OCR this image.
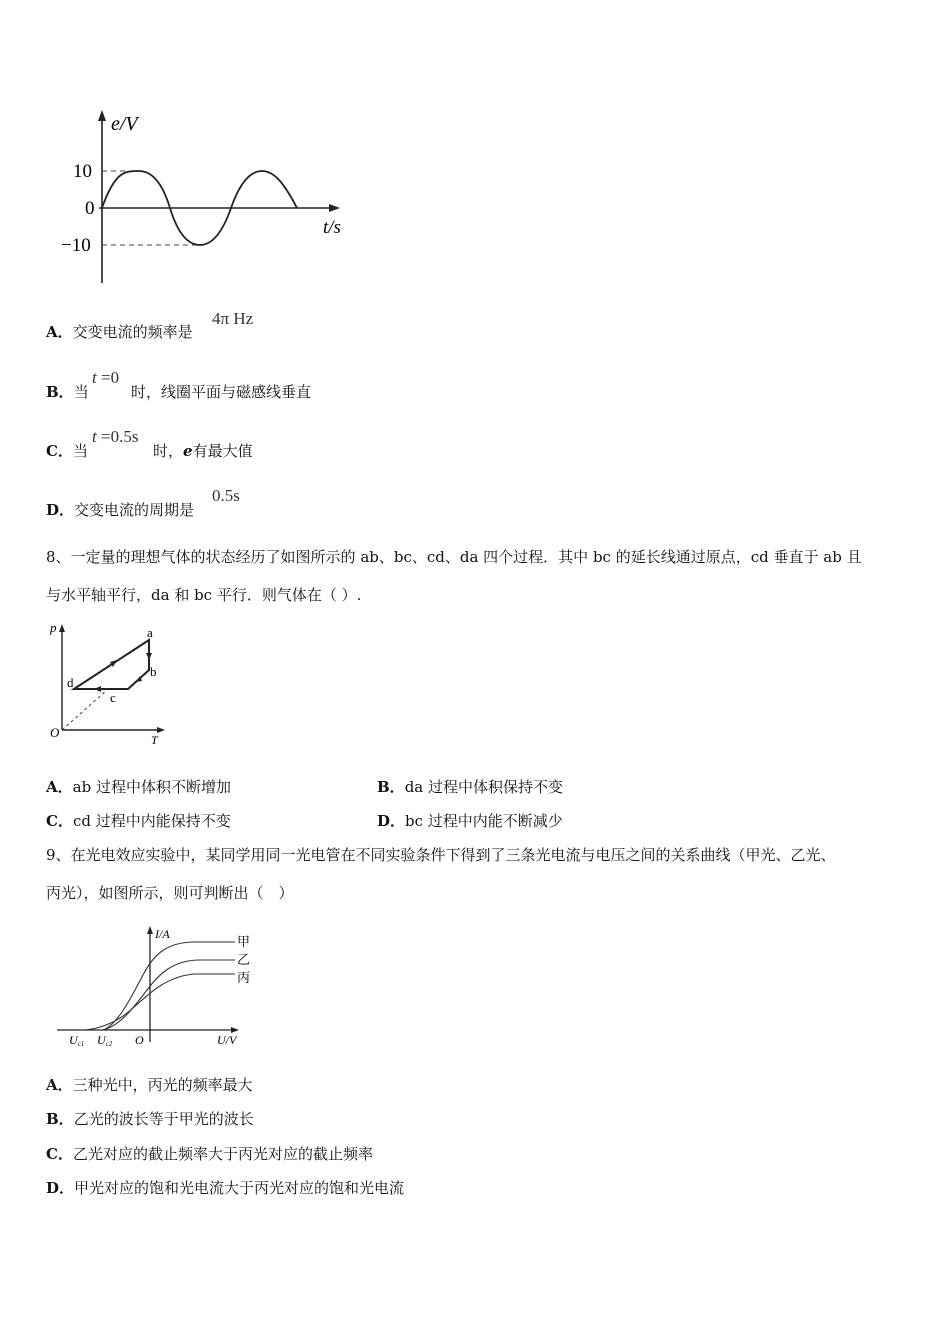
e/V
t/s
10
0
−10
A．交变电流的频率是
4π Hz
B．当
t =0
时，线圈平面与磁感线垂直
C．当
t =0.5s
时，e有最大值
D．交变电流的周期是
0.5s
8、一定量的理想气体的状态经历了如图所示的 ab、bc、cd、da 四个过程．其中 bc 的延长线通过原点，cd 垂直于 ab 且
与水平轴平行，da 和 bc 平行．则气体在（ ）.
p
T
O
a
b
c
d
A．ab 过程中体积不断增加	B．da 过程中体积保持不变
C．cd 过程中内能保持不变	D．bc 过程中内能不断减少
9、在光电效应实验中，某同学用同一光电管在不同实验条件下得到了三条光电流与电压之间的关系曲线（甲光、乙光、
丙光），如图所示，则可判断出（　）
I/A
U/V
O
Uc1 Uc2
甲
乙
丙
A．三种光中，丙光的频率最大
B．乙光的波长等于甲光的波长
C．乙光对应的截止频率大于丙光对应的截止频率
D．甲光对应的饱和光电流大于丙光对应的饱和光电流
